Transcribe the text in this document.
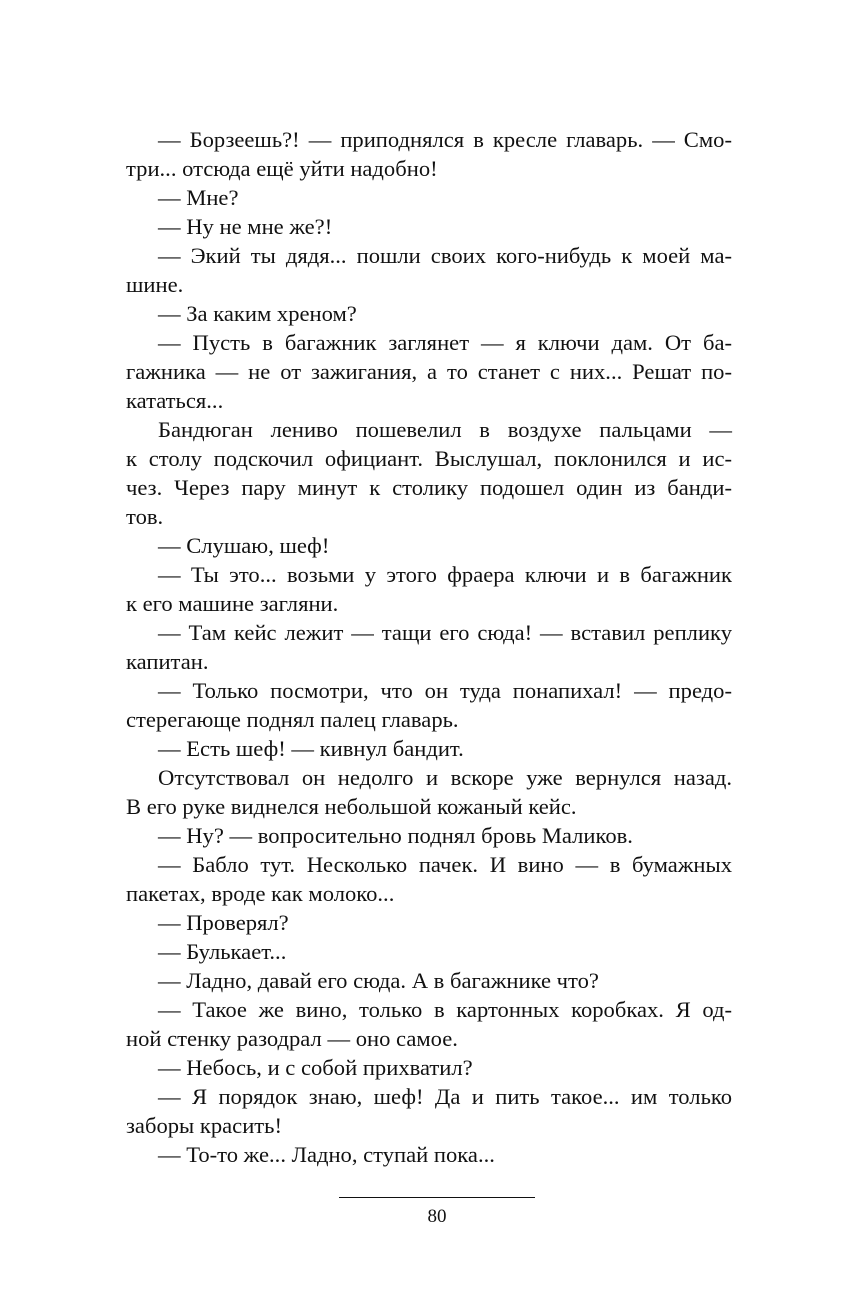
— Борзеешь?! — приподнялся в кресле главарь. — Смо-
три... отсюда ещё уйти надобно!
— Мне?
— Ну не мне же?!
— Экий ты дядя... пошли своих кого-нибудь к моей ма-
шине.
— За каким хреном?
— Пусть в багажник заглянет — я ключи дам. От ба-
гажника — не от зажигания, а то станет с них... Решат по-
кататься...
Бандюган лениво пошевелил в воздухе пальцами —
к столу подскочил официант. Выслушал, поклонился и ис-
чез. Через пару минут к столику подошел один из банди-
тов.
— Слушаю, шеф!
— Ты это... возьми у этого фраера ключи и в багажник
к его машине загляни.
— Там кейс лежит — тащи его сюда! — вставил реплику
капитан.
— Только посмотри, что он туда понапихал! — предо-
стерегающе поднял палец главарь.
— Есть шеф! — кивнул бандит.
Отсутствовал он недолго и вскоре уже вернулся назад.
В его руке виднелся небольшой кожаный кейс.
— Ну? — вопросительно поднял бровь Маликов.
— Бабло тут. Несколько пачек. И вино — в бумажных
пакетах, вроде как молоко...
— Проверял?
— Булькает...
— Ладно, давай его сюда. А в багажнике что?
— Такое же вино, только в картонных коробках. Я од-
ной стенку разодрал — оно самое.
— Небось, и с собой прихватил?
— Я порядок знаю, шеф! Да и пить такое... им только
заборы красить!
— То-то же... Ладно, ступай пока...
80
